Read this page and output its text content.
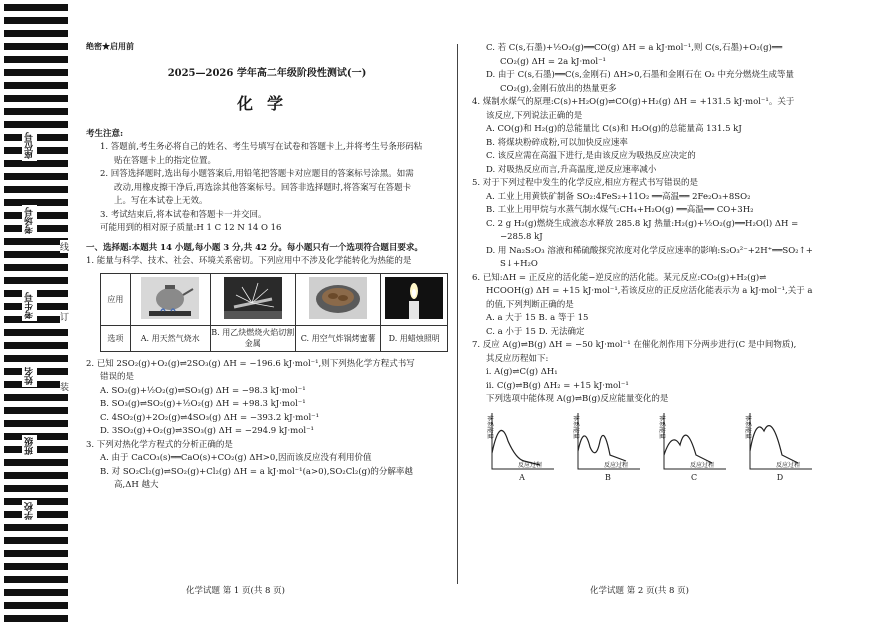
座位号
考场号
考生号
姓名
班级
学校
线
订
装
绝密★启用前
2025—2026 学年高二年级阶段性测试(一)
化学
考生注意:
1. 答题前,考生务必将自己的姓名、考生号填写在试卷和答题卡上,并将考生号条形码粘
贴在答题卡上的指定位置。
2. 回答选择题时,选出每小题答案后,用铅笔把答题卡对应题目的答案标号涂黑。如需
改动,用橡皮擦干净后,再选涂其他答案标号。回答非选择题时,将答案写在答题卡
上。写在本试卷上无效。
3. 考试结束后,将本试卷和答题卡一并交回。
可能用到的相对原子质量:H 1 C 12 N 14 O 16
一、选择题:本题共 14 小题,每小题 3 分,共 42 分。每小题只有一个选项符合题目要求。
1. 能量与科学、技术、社会、环境关系密切。下列应用中不涉及化学能转化为热能的是
应用				
选项	A. 用天然气烧水	B. 用乙炔燃烧火焰切割金属	C. 用空气炸锅烤蜜薯	D. 用蜡烛照明
2. 已知 2SO₂(g)+O₂(g)⇌2SO₃(g) ΔH = −196.6 kJ·mol⁻¹,则下列热化学方程式书写
错误的是
A. SO₂(g)+½O₂(g)⇌SO₃(g) ΔH = −98.3 kJ·mol⁻¹
B. SO₃(g)⇌SO₂(g)+½O₂(g) ΔH = +98.3 kJ·mol⁻¹
C. 4SO₂(g)+2O₂(g)⇌4SO₃(g) ΔH = −393.2 kJ·mol⁻¹
D. 3SO₂(g)+O₂(g)⇌3SO₃(g) ΔH = −294.9 kJ·mol⁻¹
3. 下列对热化学方程式的分析正确的是
A. 由于 CaCO₃(s)══CaO(s)+CO₂(g) ΔH>0,因而该反应没有利用价值
B. 对 SO₂Cl₂(g)⇌SO₂(g)+Cl₂(g) ΔH = a kJ·mol⁻¹(a>0),SO₂Cl₂(g)的分解率越
高,ΔH 越大
C. 若 C(s,石墨)+½O₂(g)══CO(g) ΔH = a kJ·mol⁻¹,则 C(s,石墨)+O₂(g)══
CO₂(g) ΔH = 2a kJ·mol⁻¹
D. 由于 C(s,石墨)══C(s,金刚石) ΔH>0,石墨和金刚石在 O₂ 中充分燃烧生成等量
CO₂(g),金刚石放出的热量更多
4. 煤制水煤气的原理:C(s)+H₂O(g)⇌CO(g)+H₂(g) ΔH = +131.5 kJ·mol⁻¹。关于
该反应,下列说法正确的是
A. CO(g)和 H₂(g)的总能量比 C(s)和 H₂O(g)的总能量高 131.5 kJ
B. 将煤块粉碎成粉,可以加快反应速率
C. 该反应需在高温下进行,是由该反应为吸热反应决定的
D. 对吸热反应而言,升高温度,逆反应速率减小
5. 对于下列过程中发生的化学反应,相应方程式书写错误的是
A. 工业上用黄铁矿制备 SO₂:4FeS₂+11O₂ ══高温══ 2Fe₂O₃+8SO₂
B. 工业上用甲烷与水蒸气制水煤气:CH₄+H₂O(g) ══高温══ CO+3H₂
C. 2 g H₂(g)燃烧生成液态水释放 285.8 kJ 热量:H₂(g)+½O₂(g)══H₂O(l) ΔH =
−285.8 kJ
D. 用 Na₂S₂O₃ 溶液和稀硫酸探究浓度对化学反应速率的影响:S₂O₃²⁻+2H⁺══SO₂↑+
S↓+H₂O
6. 已知:ΔH = 正反应的活化能−逆反应的活化能。某元反应:CO₂(g)+H₂(g)⇌
HCOOH(g) ΔH = +15 kJ·mol⁻¹,若该反应的正反应活化能表示为 a kJ·mol⁻¹,关于 a
的值,下列判断正确的是
A. a 大于 15 B. a 等于 15
C. a 小于 15 D. 无法确定
7. 反应 A(g)⇌B(g) ΔH = −50 kJ·mol⁻¹ 在催化剂作用下分两步进行(C 是中间物质),
其反应历程如下:
ⅰ. A(g)⇌C(g) ΔH₁
ⅱ. C(g)⇌B(g) ΔH₂ = +15 kJ·mol⁻¹
下列选项中能体现 A(g)⇌B(g)反应能量变化的是
体系能量
反应过程
A
体系能量
反应过程
B
体系能量
反应过程
C
体系能量
反应过程
D
化学试题 第 1 页(共 8 页)	化学试题 第 2 页(共 8 页)
